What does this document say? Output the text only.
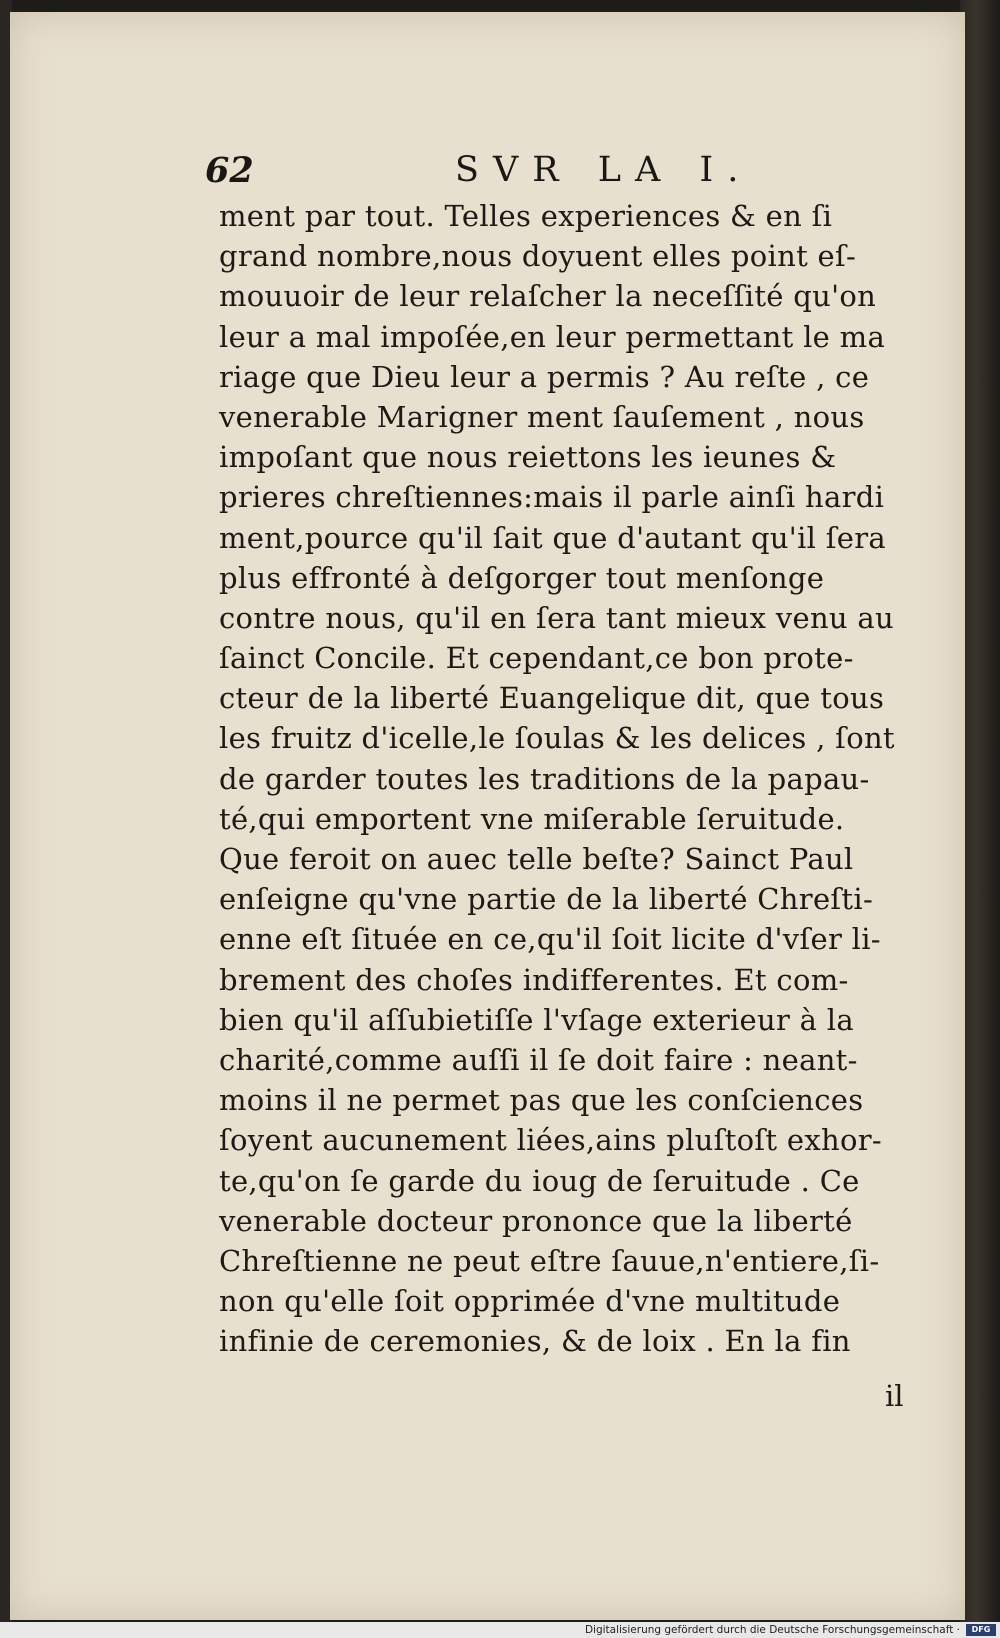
62	SVR LA I.
ment par tout. Telles experiences & en ſi
grand nombre,nous doyuent elles point eſ-
mouuoir de leur relaſcher la neceſſité qu'on
leur a mal impoſée,en leur permettant le ma
riage que Dieu leur a permis ? Au reſte , ce
venerable Marigner ment ſauſement , nous
impoſant que nous reiettons les ieunes &
prieres chreſtiennes:mais il parle ainſi hardi
ment,pource qu'il ſait que d'autant qu'il ſera
plus effronté à deſgorger tout menſonge
contre nous, qu'il en ſera tant mieux venu au
ſainct Concile. Et cependant,ce bon prote-
cteur de la liberté Euangelique dit, que tous
les fruitz d'icelle,le ſoulas & les delices , ſont
de garder toutes les traditions de la papau-
té,qui emportent vne miſerable ſeruitude.
Que feroit on auec telle beſte? Sainct Paul
enſeigne qu'vne partie de la liberté Chreſti-
enne eſt ſituée en ce,qu'il ſoit licite d'vſer li-
brement des choſes indifferentes. Et com-
bien qu'il aſſubietiſſe l'vſage exterieur à la
charité,comme auſſi il ſe doit faire : neant-
moins il ne permet pas que les conſciences
ſoyent aucunement liées,ains pluſtoſt exhor-
te,qu'on ſe garde du ioug de ſeruitude . Ce
venerable docteur prononce que la liberté
Chreſtienne ne peut eſtre ſauue,n'entiere,ſi-
non qu'elle ſoit opprimée d'vne multitude
infinie de ceremonies, & de loix . En la fin
il
Digitalisierung gefördert durch die Deutsche Forschungsgemeinschaft ·	DFG
